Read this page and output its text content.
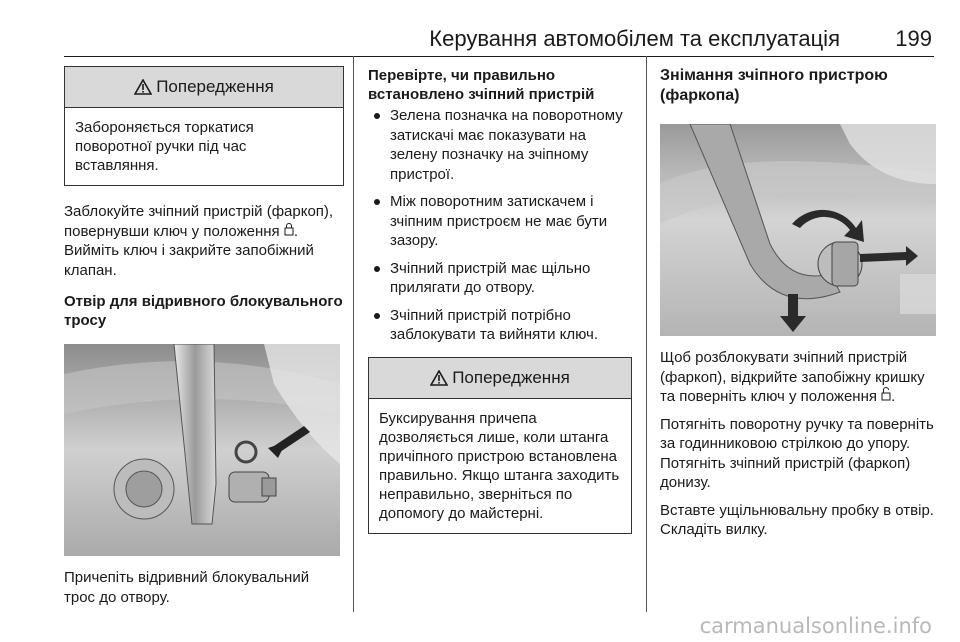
Керування автомобілем та експлуатація	199
Попередження
Забороняється торкатися поворотної ручки під час вставляння.

Заблокуйте зчіпний пристрій (фаркоп), повернувши ключ у положення . Вийміть ключ і закрийте запобіжний клапан.

Отвір для відривного блокувального тросу

Причепіть відривний блокувальний трос до отвору.

Перевірте, чи правильно встановлено зчіпний пристрій
Зелена позначка на поворотному затискачі має показувати на зелену позначку на зчіпному пристрої.
Між поворотним затискачем і зчіпним пристроєм не має бути зазору.
Зчіпний пристрій має щільно прилягати до отвору.
Зчіпний пристрій потрібно заблокувати та вийняти ключ.
Попередження
Буксирування причепа дозволяється лише, коли штанга причіпного пристрою встановлена правильно. Якщо штанга заходить неправильно, зверніться по допомогу до майстерні.
Знімання зчіпного пристрою (фаркопа)

Щоб розблокувати зчіпний пристрій (фаркоп), відкрийте запобіжну кришку та поверніть ключ у положення .

Потягніть поворотну ручку та поверніть за годинниковою стрілкою до упору. Потягніть зчіпний пристрій (фаркоп) донизу.

Вставте ущільнювальну пробку в отвір. Складіть вилку.

carmanualsonline.info
